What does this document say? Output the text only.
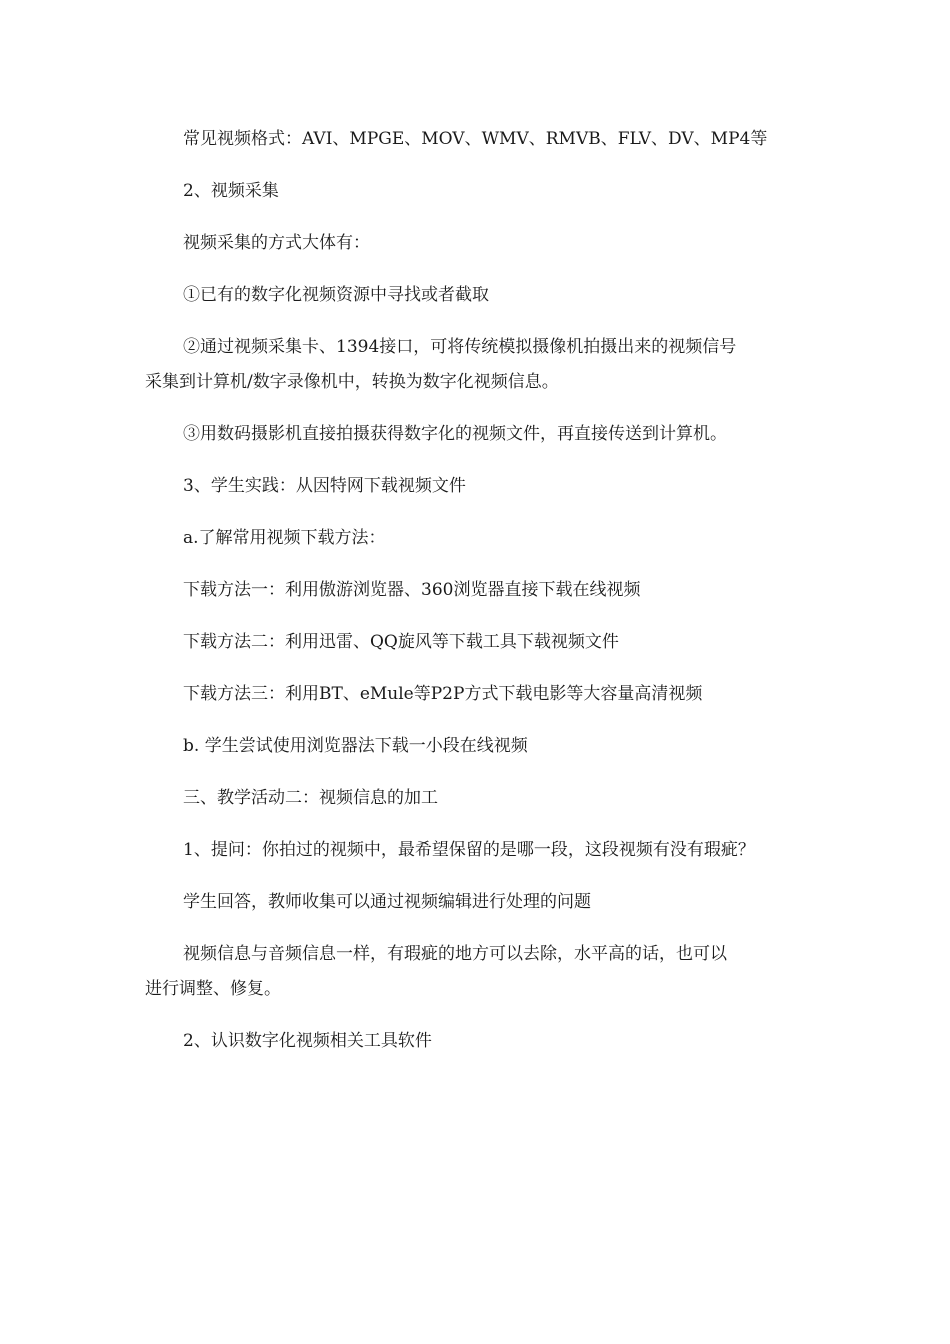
常见视频格式：AVI、MPGE、MOV、WMV、RMVB、FLV、DV、MP4等
2、视频采集
视频采集的方式大体有：
①已有的数字化视频资源中寻找或者截取
②通过视频采集卡、1394接口，可将传统模拟摄像机拍摄出来的视频信号
采集到计算机/数字录像机中，转换为数字化视频信息。
③用数码摄影机直接拍摄获得数字化的视频文件，再直接传送到计算机。
3、学生实践：从因特网下载视频文件
a.了解常用视频下载方法：
下载方法一：利用傲游浏览器、360浏览器直接下载在线视频
下载方法二：利用迅雷、QQ旋风等下载工具下载视频文件
下载方法三：利用BT、eMule等P2P方式下载电影等大容量高清视频
b. 学生尝试使用浏览器法下载一小段在线视频
三、教学活动二：视频信息的加工
1、提问：你拍过的视频中，最希望保留的是哪一段，这段视频有没有瑕疵？
学生回答，教师收集可以通过视频编辑进行处理的问题
视频信息与音频信息一样，有瑕疵的地方可以去除，水平高的话，也可以
进行调整、修复。
2、认识数字化视频相关工具软件
